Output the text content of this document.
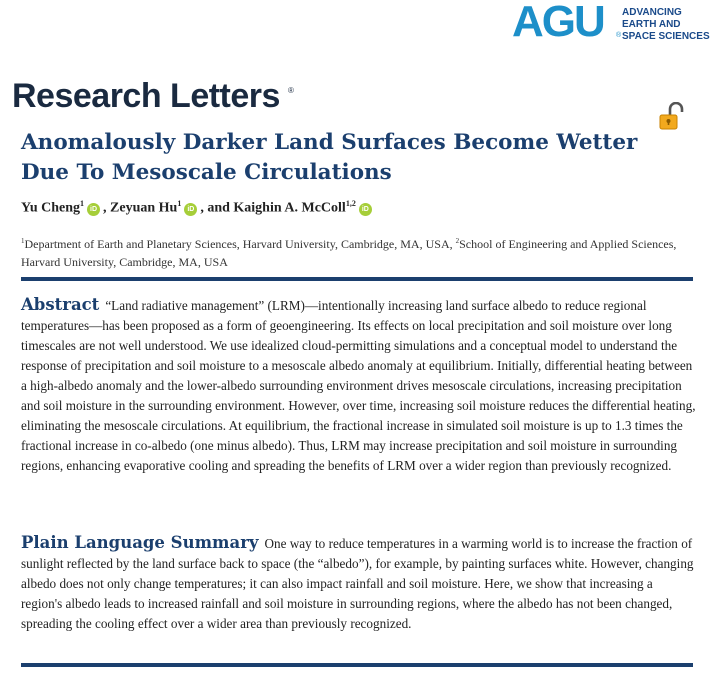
AGU ®
ADVANCING
EARTH AND
SPACE SCIENCES
Research Letters ®
Anomalously Darker Land Surfaces Become Wetter Due To Mesoscale Circulations
Yu Cheng$^1$iD , Zeyuan Hu$^1$iD , and Kaighin A. McColl$^{1,2}$iD
$^1$Department of Earth and Planetary Sciences, Harvard University, Cambridge, MA, USA, $^2$School of Engineering and Applied Sciences, Harvard University, Cambridge, MA, USA
Abstract “Land radiative management” (LRM)—intentionally increasing land surface albedo to reduce regional temperatures—has been proposed as a form of geoengineering. Its effects on local precipitation and soil moisture over long timescales are not well understood. We use idealized cloud-permitting simulations and a conceptual model to understand the response of precipitation and soil moisture to a mesoscale albedo anomaly at equilibrium. Initially, differential heating between a high-albedo anomaly and the lower-albedo surrounding environment drives mesoscale circulations, increasing precipitation and soil moisture in the surrounding environment. However, over time, increasing soil moisture reduces the differential heating, eliminating the mesoscale circulations. At equilibrium, the fractional increase in simulated soil moisture is up to 1.3 times the fractional increase in co-albedo (one minus albedo). Thus, LRM may increase precipitation and soil moisture in surrounding regions, enhancing evaporative cooling and spreading the benefits of LRM over a wider region than previously recognized.
Plain Language Summary One way to reduce temperatures in a warming world is to increase the fraction of sunlight reflected by the land surface back to space (the “albedo”), for example, by painting surfaces white. However, changing albedo does not only change temperatures; it can also impact rainfall and soil moisture. Here, we show that increasing a region's albedo leads to increased rainfall and soil moisture in surrounding regions, where the albedo has not been changed, spreading the cooling effect over a wider area than previously recognized.
